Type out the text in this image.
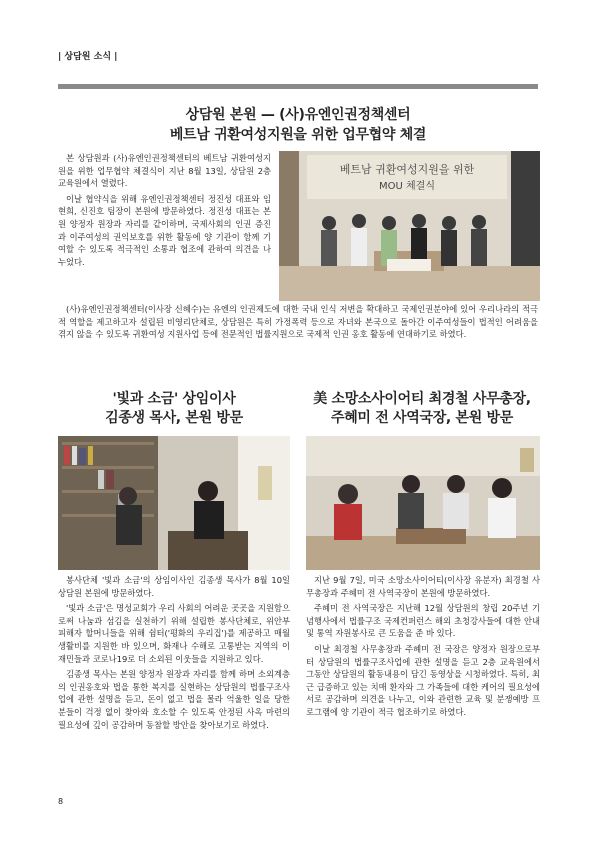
| 상담원 소식 |
상담원 본원 — (사)유엔인권정책센터
베트남 귀환여성지원을 위한 업무협약 체결

본 상담원과 (사)유엔인권정책센터의 베트남 귀환여성지원을 위한 업무협약 체결식이 지난 8월 13일, 상담원 2층 교육원에서 열렸다.

이날 협약식을 위해 유엔인권정책센터 정진성 대표와 임현희, 신진호 팀장이 본원에 방문하였다. 정진성 대표는 본원 양정자 원장과 자리를 같이하며, 국제사회의 인권 증진과 이주여성의 권익보호를 위한 활동에 양 기관이 함께 기여할 수 있도록 적극적인 소통과 협조에 관하여 의견을 나누었다.

베트남 귀환여성지원을 위한
MOU 체결식

(사)유엔인권정책센터(이사장 신혜수)는 유엔의 인권제도에 대한 국내 인식 저변을 확대하고 국제인권분야에 있어 우리나라의 적극적 역할을 제고하고자 설립된 비영리단체로, 상담원은 특히 가정폭력 등으로 자녀와 본국으로 돌아간 이주여성들이 법적인 어려움을 겪지 않을 수 있도록 귀환여성 지원사업 등에 전문적인 법률지원으로 국제적 인권 옹호 활동에 연대하기로 하였다.

'빛과 소금' 상임이사
김종생 목사, 본원 방문

봉사단체 '빛과 소금'의 상임이사인 김종생 목사가 8월 10일 상담원 본원에 방문하였다.

'빛과 소금'은 명성교회가 우리 사회의 어려운 곳곳을 지원함으로써 나눔과 섬김을 실천하기 위해 설립한 봉사단체로, 위안부 피해자 할머니들을 위해 쉼터('평화의 우리집')를 제공하고 매월 생활비를 지원한 바 있으며, 화재나 수해로 고통받는 지역의 이재민들과 코로나19로 더 소외된 이웃들을 지원하고 있다.

김종생 목사는 본원 양정자 원장과 자리를 함께 하며 소외계층의 인권옹호와 법을 통한 복지를 실현하는 상담원의 법률구조사업에 관한 설명을 듣고, 돈이 없고 법을 몰라 억울한 일을 당한 분들이 걱정 없이 찾아와 호소할 수 있도록 안정된 사옥 마련의 필요성에 깊이 공감하며 동참할 방안을 찾아보기로 하였다.

美 소망소사이어티 최경철 사무총장,
주혜미 전 사역국장, 본원 방문

지난 9월 7일, 미국 소망소사이어티(이사장 유분자) 최경철 사무총장과 주혜미 전 사역국장이 본원에 방문하였다.

주혜미 전 사역국장은 지난해 12월 상담원의 창립 20주년 기념행사에서 법률구조 국제컨퍼런스 해외 초청강사들에 대한 안내 및 통역 자원봉사로 큰 도움을 준 바 있다.

이날 최경철 사무총장과 주혜미 전 국장은 양정자 원장으로부터 상담원의 법률구조사업에 관한 설명을 듣고 2층 교육원에서 그동안 상담원의 활동내용이 담긴 동영상을 시청하였다. 특히, 최근 급증하고 있는 치매 환자와 그 가족들에 대한 케어의 필요성에 서로 공감하며 의견을 나누고, 이와 관련한 교육 및 분쟁예방 프로그램에 양 기관이 적극 협조하기로 하였다.

8
